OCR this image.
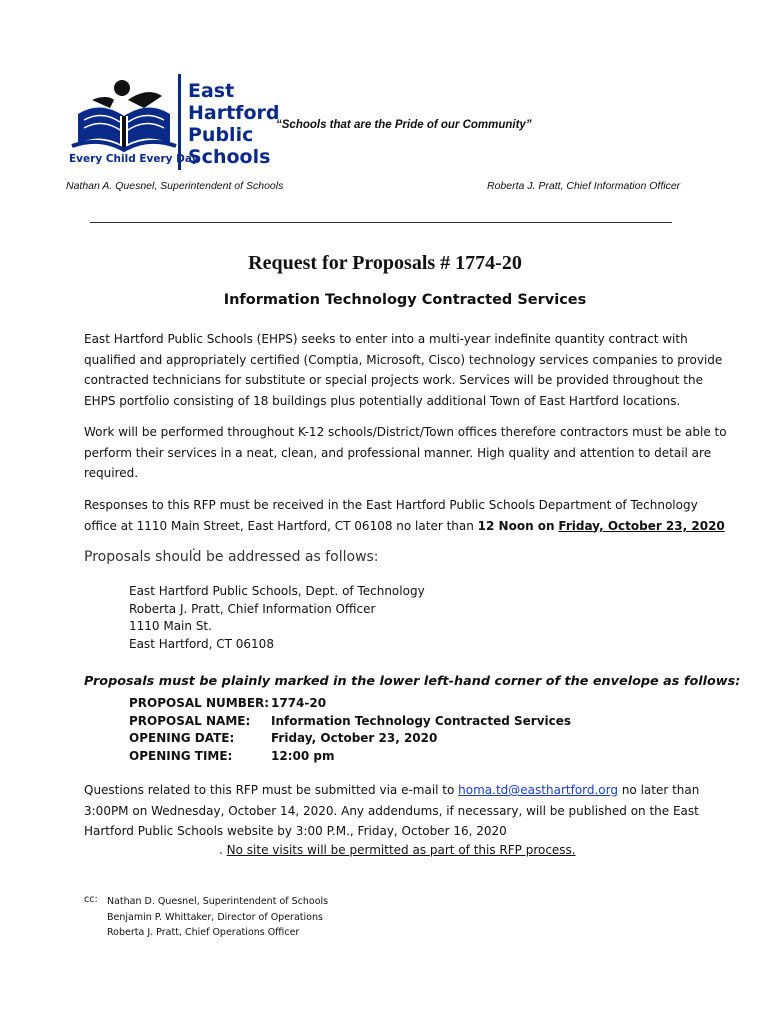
East
Hartford
Public
Schools
Every Child Every Day
“Schools that are the Pride of our Community”
Nathan A. Quesnel, Superintendent of Schools	Roberta J. Pratt, Chief Information Officer
Request for Proposals # 1774-20
Information Technology Contracted Services
East Hartford Public Schools (EHPS) seeks to enter into a multi-year indefinite quantity contract with qualified and appropriately certified (Comptia, Microsoft, Cisco) technology services companies to provide contracted technicians for substitute or special projects work. Services will be provided throughout the EHPS portfolio consisting of 18 buildings plus potentially additional Town of East Hartford locations.
Work will be performed throughout K-12 schools/District/Town offices therefore contractors must be able to perform their services in a neat, clean, and professional manner. High quality and attention to detail are required.
Responses to this RFP must be received in the East Hartford Public Schools Department of Technology office at 1110 Main Street, East Hartford, CT 06108 no later than 12 Noon on Friday, October 23, 2020.
Proposals should be addressed as follows:
East Hartford Public Schools, Dept. of Technology
Roberta J. Pratt, Chief Information Officer
1110 Main St.
East Hartford, CT 06108
Proposals must be plainly marked in the lower left-hand corner of the envelope as follows:
PROPOSAL NUMBER: 1774-20
PROPOSAL NAME:	Information Technology Contracted Services
OPENING DATE:	Friday, October 23, 2020
OPENING TIME:	12:00 pm
Questions related to this RFP must be submitted via e-mail to homa.td@easthartford.org no later than 3:00PM on Wednesday, October 14, 2020. Any addendums, if necessary, will be published on the East Hartford Public Schools website by 3:00 P.M., Friday, October 16, 2020
. No site visits will be permitted as part of this RFP process.
cc: Nathan D. Quesnel, Superintendent of Schools
Benjamin P. Whittaker, Director of Operations
Roberta J. Pratt, Chief Operations Officer
